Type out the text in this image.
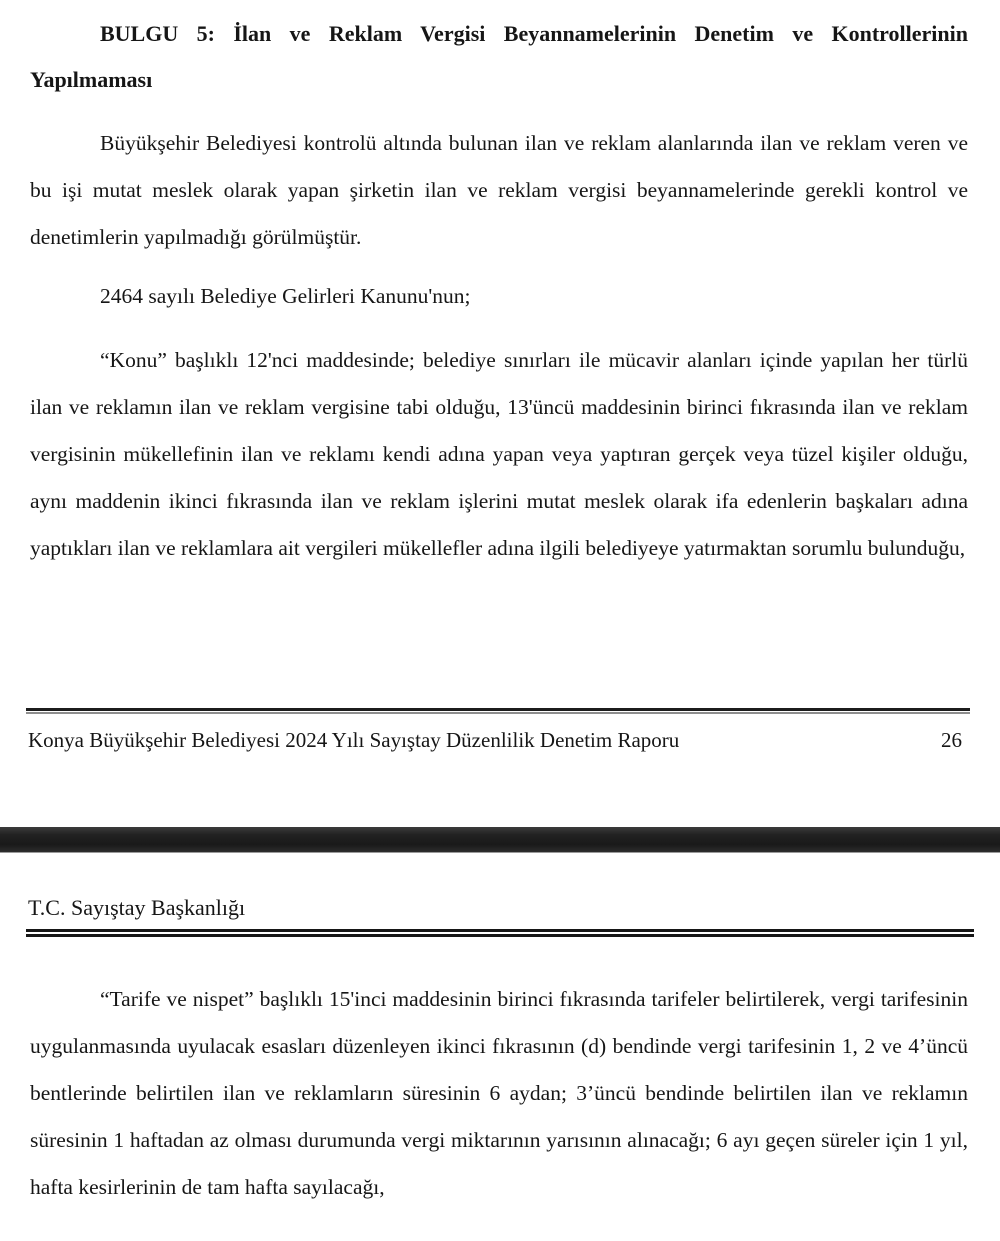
BULGU 5: İlan ve Reklam Vergisi Beyannamelerinin Denetim ve Kontrollerinin Yapılmaması

Büyükşehir Belediyesi kontrolü altında bulunan ilan ve reklam alanlarında ilan ve reklam veren ve bu işi mutat meslek olarak yapan şirketin ilan ve reklam vergisi beyannamelerinde gerekli kontrol ve denetimlerin yapılmadığı görülmüştür.

2464 sayılı Belediye Gelirleri Kanunu'nun;

“Konu” başlıklı 12'nci maddesinde; belediye sınırları ile mücavir alanları içinde yapılan her türlü ilan ve reklamın ilan ve reklam vergisine tabi olduğu, 13'üncü maddesinin birinci fıkrasında ilan ve reklam vergisinin mükellefinin ilan ve reklamı kendi adına yapan veya yaptıran gerçek veya tüzel kişiler olduğu, aynı maddenin ikinci fıkrasında ilan ve reklam işlerini mutat meslek olarak ifa edenlerin başkaları adına yaptıkları ilan ve reklamlara ait vergileri mükellefler adına ilgili belediyeye yatırmaktan sorumlu bulunduğu,

Konya Büyükşehir Belediyesi 2024 Yılı Sayıştay Düzenlilik Denetim Raporu	26
T.C. Sayıştay Başkanlığı

“Tarife ve nispet” başlıklı 15'inci maddesinin birinci fıkrasında tarifeler belirtilerek, vergi tarifesinin uygulanmasında uyulacak esasları düzenleyen ikinci fıkrasının (d) bendinde vergi tarifesinin 1, 2 ve 4’üncü bentlerinde belirtilen ilan ve reklamların süresinin 6 aydan; 3’üncü bendinde belirtilen ilan ve reklamın süresinin 1 haftadan az olması durumunda vergi miktarının yarısının alınacağı; 6 ayı geçen süreler için 1 yıl, hafta kesirlerinin de tam hafta sayılacağı,
